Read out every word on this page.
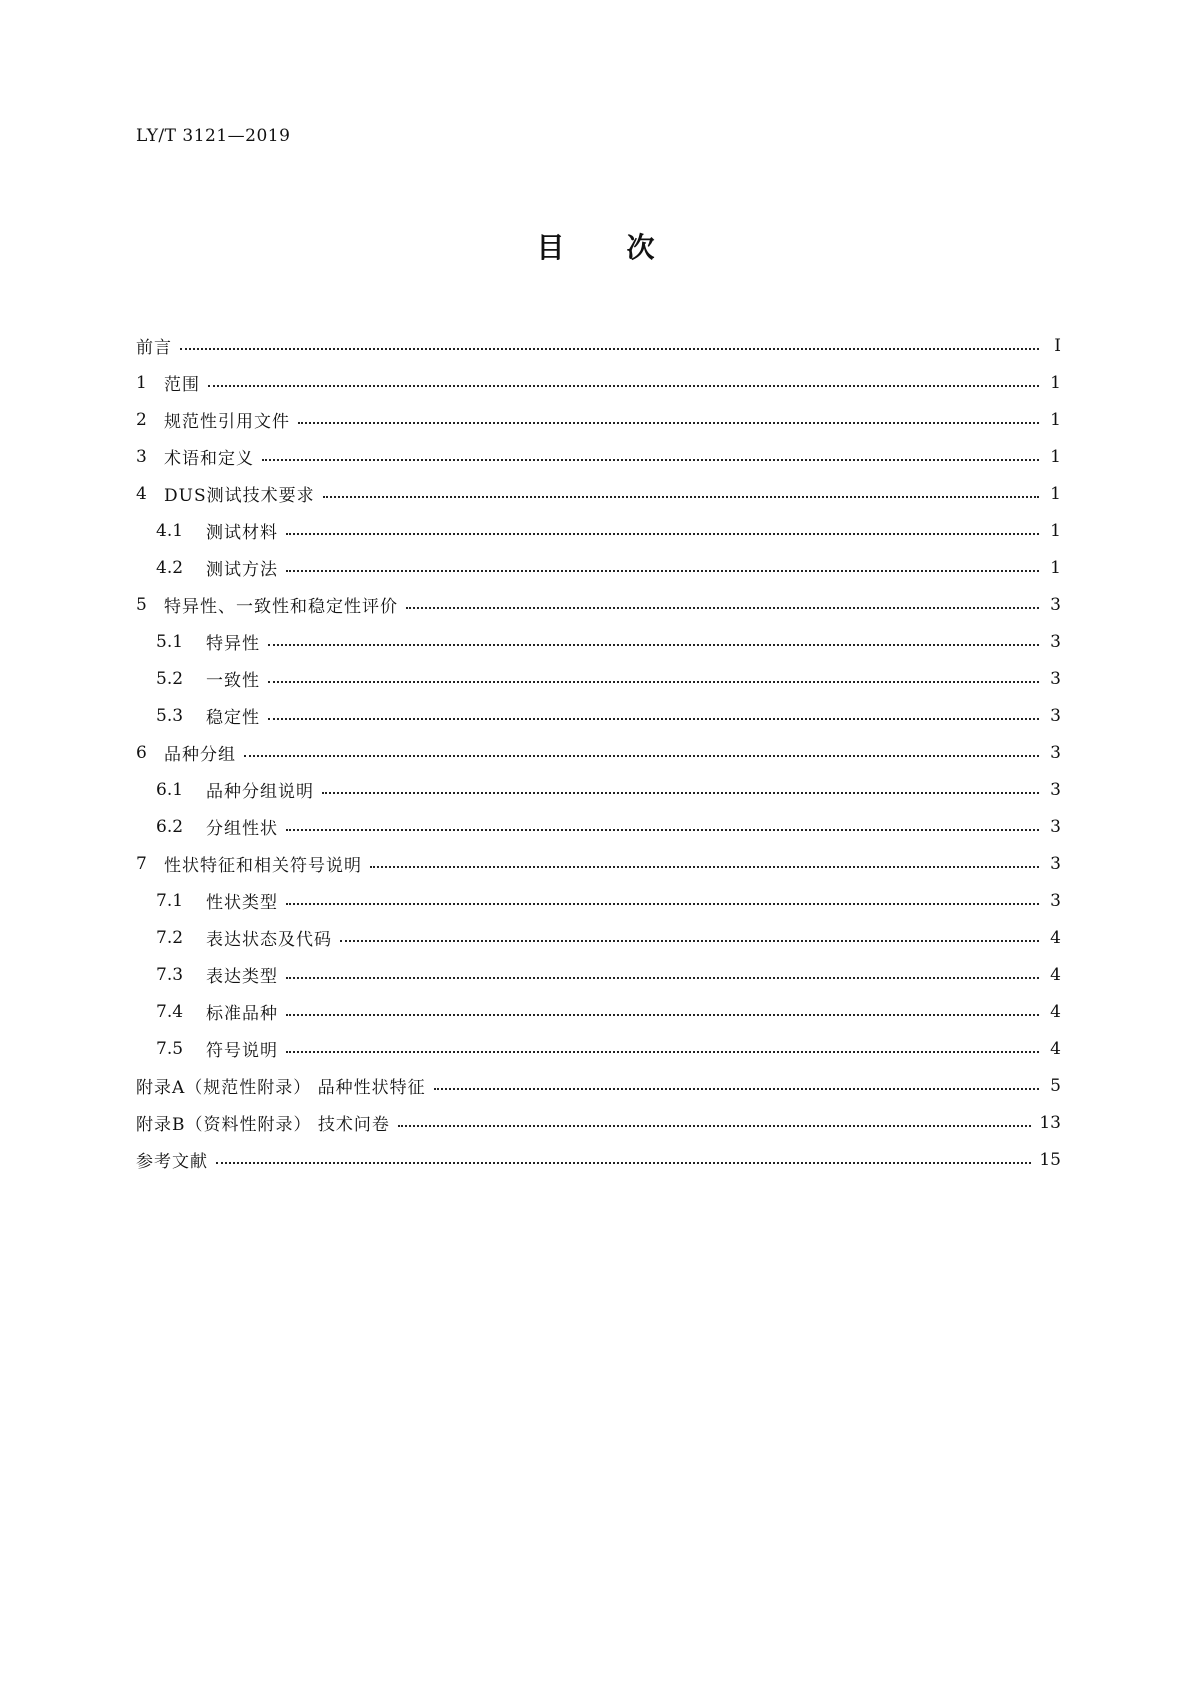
LY/T 3121—2019
目次
前言	Ⅰ
1	范围	1
2	规范性引用文件	1
3	术语和定义	1
4	DUS测试技术要求	1
4.1	测试材料	1
4.2	测试方法	1
5	特异性、一致性和稳定性评价	3
5.1	特异性	3
5.2	一致性	3
5.3	稳定性	3
6	品种分组	3
6.1	品种分组说明	3
6.2	分组性状	3
7	性状特征和相关符号说明	3
7.1	性状类型	3
7.2	表达状态及代码	4
7.3	表达类型	4
7.4	标准品种	4
7.5	符号说明	4
附录A（规范性附录） 品种性状特征	5
附录B（资料性附录） 技术问卷	13
参考文献	15
